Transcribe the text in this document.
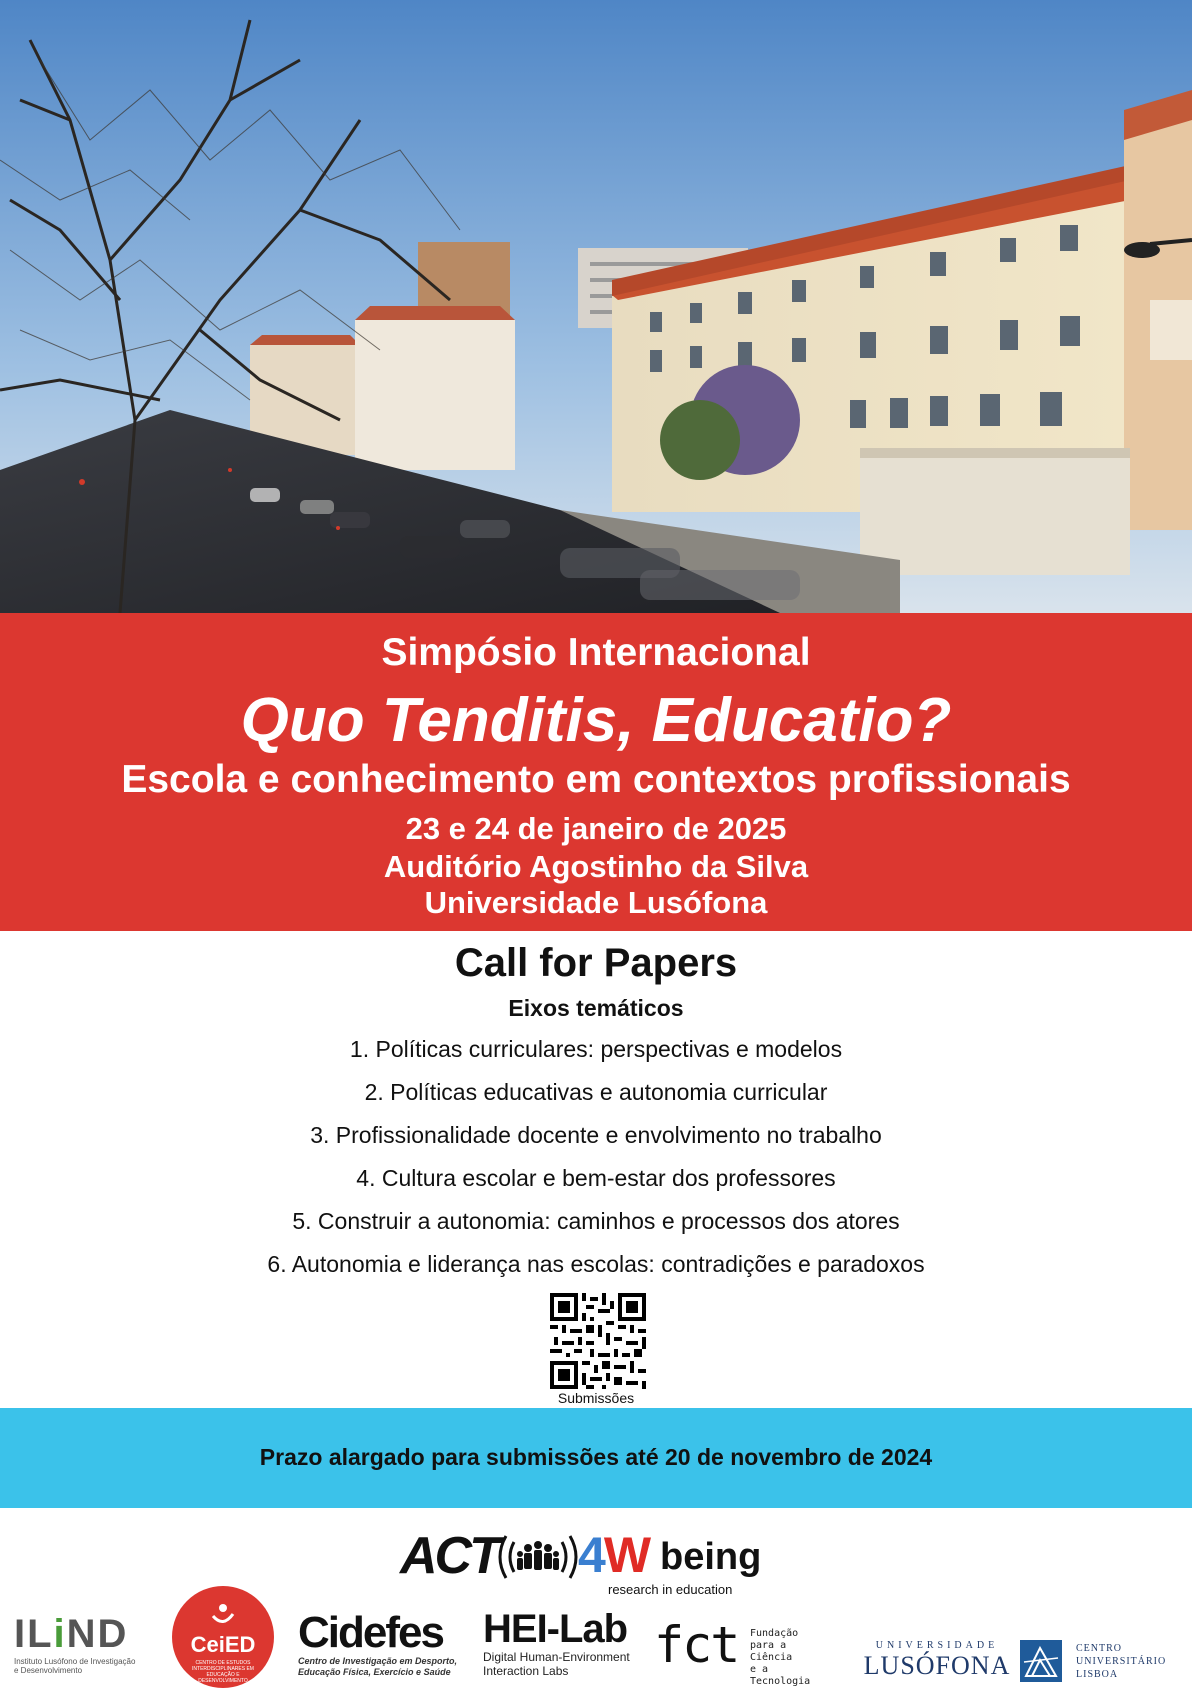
Simpósio Internacional
Quo Tenditis, Educatio?
Escola e conhecimento em contextos profissionais
23 e 24 de janeiro de 2025
Auditório Agostinho da Silva
Universidade Lusófona
Call for Papers
Eixos temáticos
1. Políticas curriculares: perspectivas e modelos
2. Políticas educativas e autonomia curricular
3. Profissionalidade docente e envolvimento no trabalho
4. Cultura escolar e bem-estar dos professores
5. Construir a autonomia: caminhos e processos dos atores
6. Autonomia e liderança nas escolas: contradições e paradoxos
Submissões
Prazo alargado para submissões até 20 de novembro de 2024
ACT 4W being
research in education
ILiND
Instituto Lusófono de Investigação
e Desenvolvimento
CeiED
CENTRO DE ESTUDOS INTERDISCIPLINARES EM EDUCAÇÃO E DESENVOLVIMENTO
Cidefes
Centro de Investigação em Desporto,
Educação Física, Exercício e Saúde
HEI-Lab
Digital Human-Environment
Interaction Labs	fct Fundação
para a Ciência
e a Tecnologia
UNIVERSIDADE
LUSÓFONA
CENTRO
UNIVERSITÁRIO
LISBOA
